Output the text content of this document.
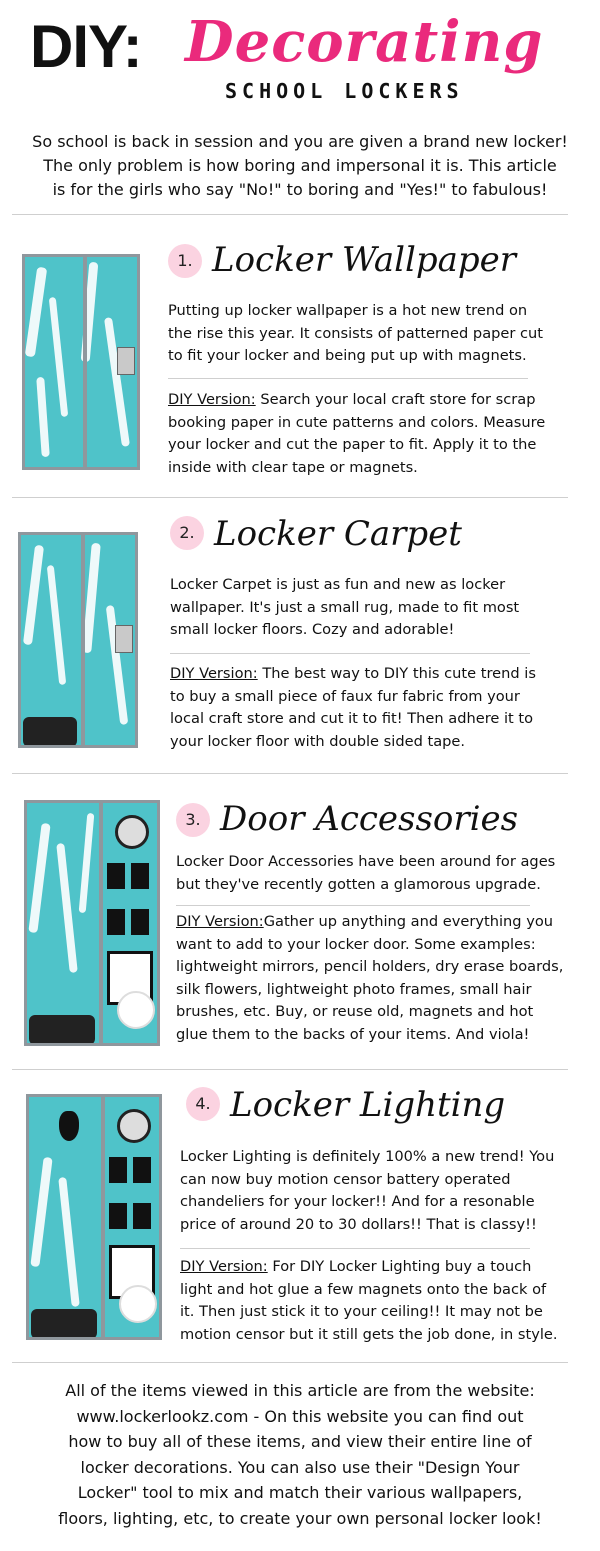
DIY: Decorating
SCHOOL LOCKERS
So school is back in session and you are given a brand new locker!
The only problem is how boring and impersonal it is. This article
is for the girls who say "No!" to boring and "Yes!" to fabulous!
1. Locker Wallpaper
Putting up locker wallpaper is a hot new trend on
the rise this year. It consists of patterned paper cut
to fit your locker and being put up with magnets.
DIY Version: Search your local craft store for scrap
booking paper in cute patterns and colors. Measure
your locker and cut the paper to fit. Apply it to the
inside with clear tape or magnets.
2. Locker Carpet
Locker Carpet is just as fun and new as locker
wallpaper. It's just a small rug, made to fit most
small locker floors. Cozy and adorable!
DIY Version: The best way to DIY this cute trend is
to buy a small piece of faux fur fabric from your
local craft store and cut it to fit! Then adhere it to
your locker floor with double sided tape.
3. Door Accessories
Locker Door Accessories have been around for ages
but they've recently gotten a glamorous upgrade.
DIY Version:Gather up anything and everything you
want to add to your locker door. Some examples:
lightweight mirrors, pencil holders, dry erase boards,
silk flowers, lightweight photo frames, small hair
brushes, etc. Buy, or reuse old, magnets and hot
glue them to the backs of your items. And viola!
4. Locker Lighting
Locker Lighting is definitely 100% a new trend! You
can now buy motion censor battery operated
chandeliers for your locker!! And for a resonable
price of around 20 to 30 dollars!! That is classy!!
DIY Version: For DIY Locker Lighting buy a touch
light and hot glue a few magnets onto the back of
it. Then just stick it to your ceiling!! It may not be
motion censor but it still gets the job done, in style.
All of the items viewed in this article are from the website:
www.lockerlookz.com - On this website you can find out
how to buy all of these items, and view their entire line of
locker decorations. You can also use their "Design Your
Locker" tool to mix and match their various wallpapers,
floors, lighting, etc, to create your own personal locker look!
